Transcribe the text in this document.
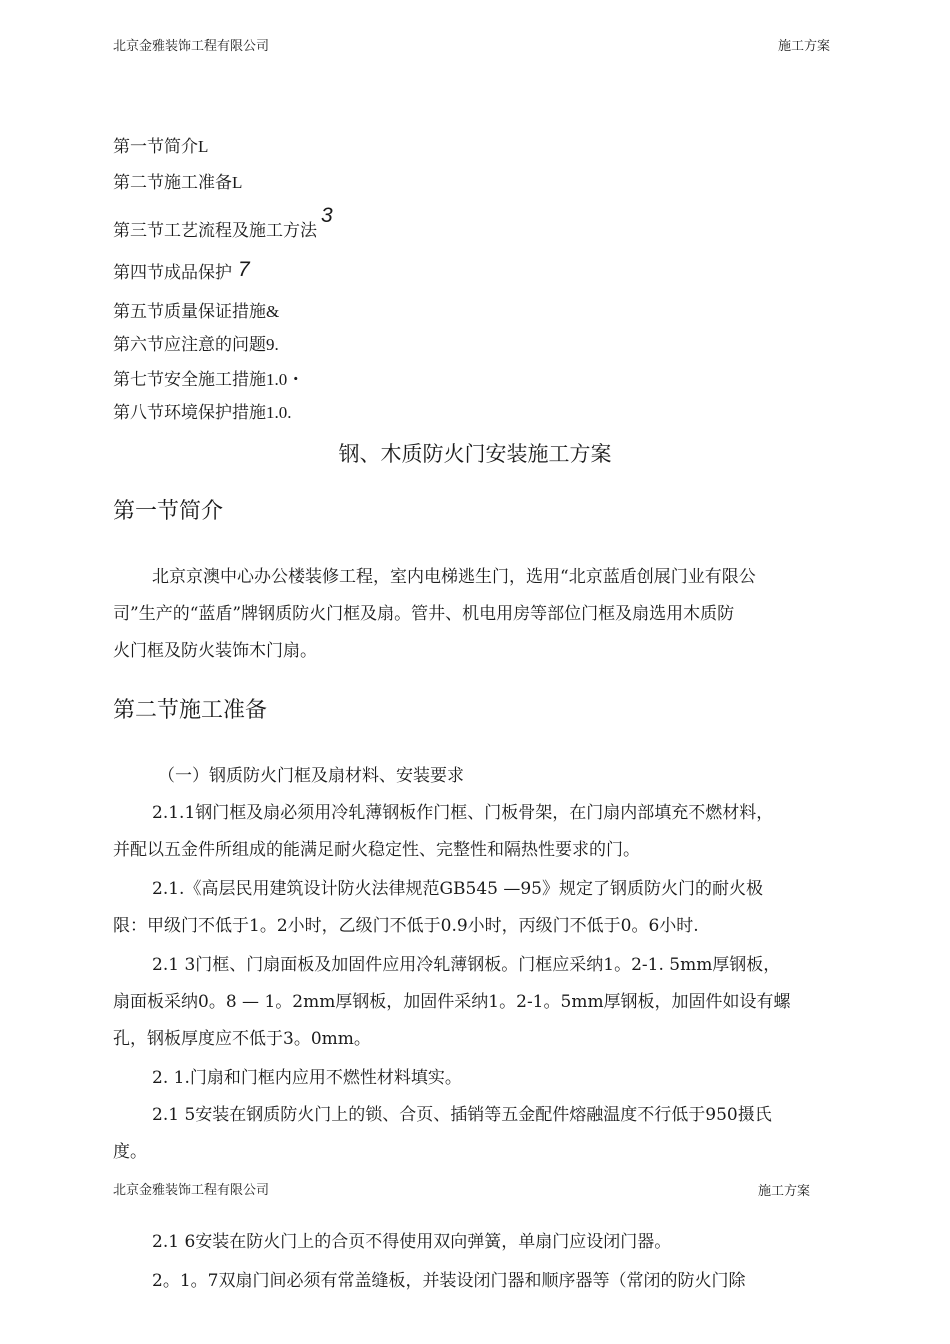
北京金雅装饰工程有限公司	施工方案
第一节简介L
第二节施工准备L
第三节工艺流程及施工方法3
第四节成品保护 7
第五节质量保证措施&
第六节应注意的问题9.
第七节安全施工措施1.0・
第八节环境保护措施1.0.
钢、木质防火门安装施工方案
第一节简介
北京京澳中心办公楼装修工程，室内电梯逃生门，选用“北京蓝盾创展门业有限公
司”生产的“蓝盾”牌钢质防火门框及扇。管井、机电用房等部位门框及扇选用木质防
火门框及防火装饰木门扇。
第二节施工准备
（一）钢质防火门框及扇材料、安装要求
2.1.1钢门框及扇必须用冷轧薄钢板作门框、门板骨架，在门扇内部填充不燃材料，
并配以五金件所组成的能满足耐火稳定性、完整性和隔热性要求的门。
2.1.《高层民用建筑设计防火法律规范GB545 —95》规定了钢质防火门的耐火极
限：甲级门不低于1。2小时，乙级门不低于0.9小时，丙级门不低于0。6小时.
2.1 3门框、门扇面板及加固件应用冷轧薄钢板。门框应采纳1。2-1. 5mm厚钢板，
扇面板采纳0。8 — 1。2mm厚钢板，加固件采纳1。2-1。5mm厚钢板，加固件如设有螺
孔，钢板厚度应不低于3。0mm。
2. 1.门扇和门框内应用不燃性材料填实。
2.1 5安装在钢质防火门上的锁、合页、插销等五金配件熔融温度不行低于950摄氏
度。
北京金雅装饰工程有限公司	施工方案
2.1 6安装在防火门上的合页不得使用双向弹簧，单扇门应设闭门器。
2。1。7双扇门间必须有常盖缝板，并装设闭门器和顺序器等（常闭的防火门除
